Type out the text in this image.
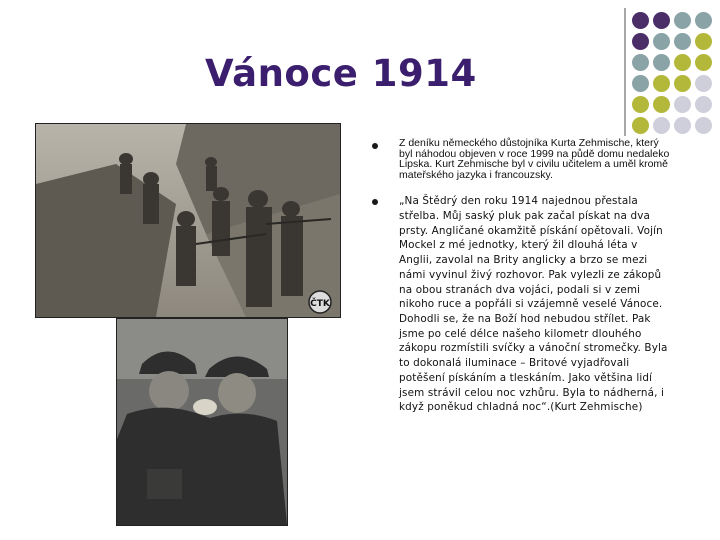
Vánoce 1914
ČTK
Z deníku německého důstojníka Kurta Zehmische, který byl náhodou objeven v roce 1999 na půdě domu nedaleko Lipska. Kurt Zehmische byl v civilu učitelem a uměl kromě mateřského jazyka i francouzsky.
„Na Štědrý den roku 1914 najednou přestala střelba. Můj saský pluk pak začal pískat na dva prsty. Angličané okamžitě pískání opětovali. Vojín Mockel z mé jednotky, který žil dlouhá léta v Anglii, zavolal na Brity anglicky a brzo se mezi námi vyvinul živý rozhovor. Pak vylezli ze zákopů na obou stranách dva vojáci, podali si v zemi nikoho ruce a popřáli si vzájemně veselé Vánoce. Dohodli se, že na Boží hod nebudou střílet. Pak jsme po celé délce našeho kilometr dlouhého zákopu rozmístili svíčky a vánoční stromečky. Byla to dokonalá iluminace – Britové vyjadřovali potěšení pískáním a tleskáním. Jako většina lidí jsem strávil celou noc vzhůru. Byla to nádherná, i když poněkud chladná noc“.(Kurt Zehmische)
